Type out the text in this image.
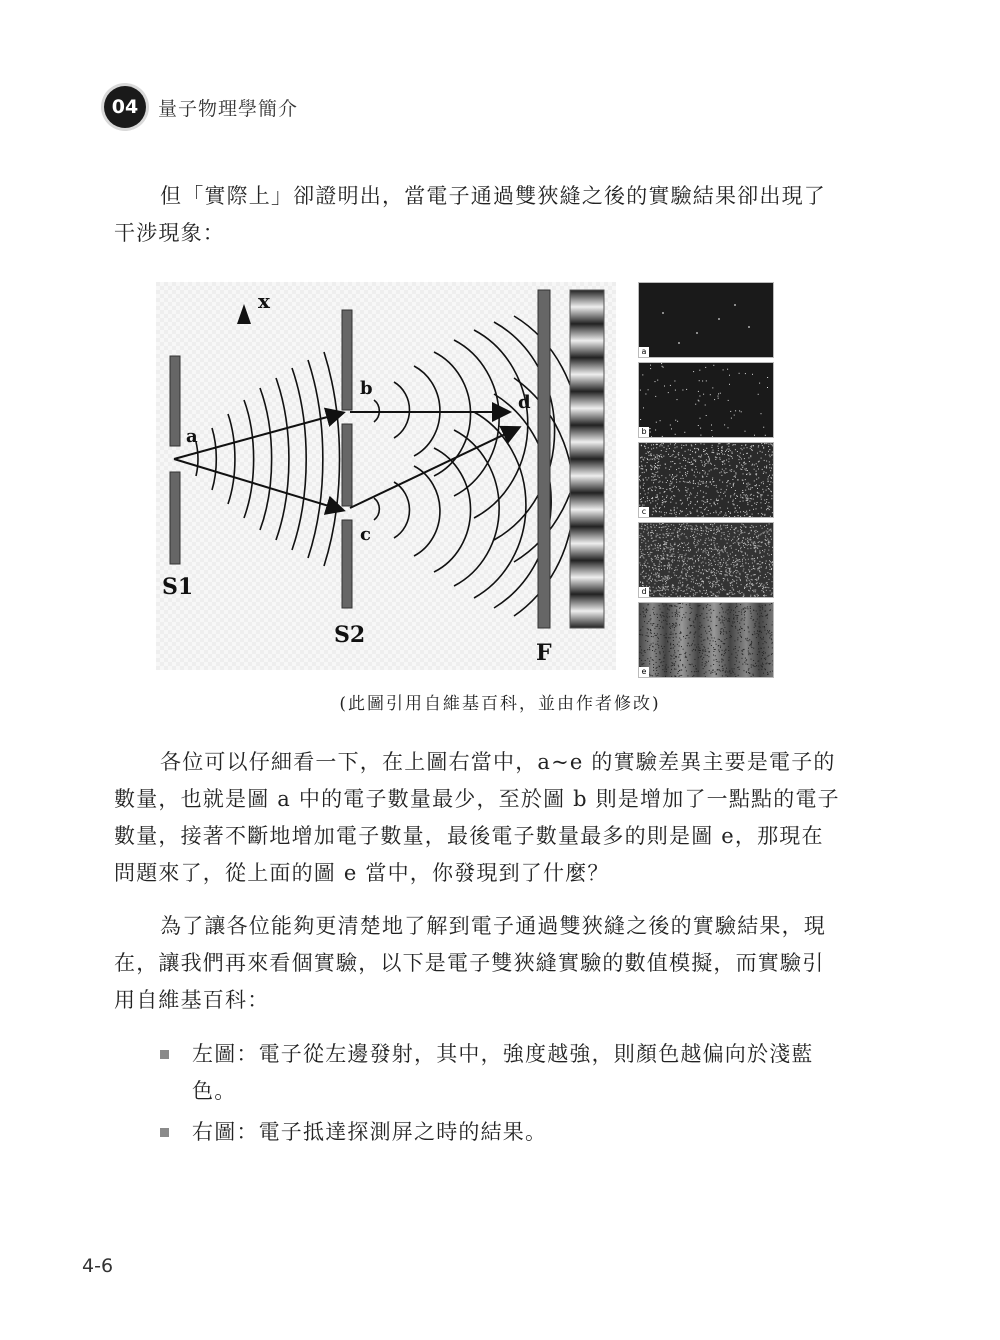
04	量子物理學簡介
但「實際上」卻證明出，當電子通過雙狹縫之後的實驗結果卻出現了
干涉現象：
x
a
S1
b
c
S2
d
F
a
b
c
d
e
(此圖引用自維基百科，並由作者修改)
各位可以仔細看一下，在上圖右當中，a~e 的實驗差異主要是電子的
數量，也就是圖 a 中的電子數量最少，至於圖 b 則是增加了一點點的電子
數量，接著不斷地增加電子數量，最後電子數量最多的則是圖 e，那現在
問題來了，從上面的圖 e 當中，你發現到了什麼？
為了讓各位能夠更清楚地了解到電子通過雙狹縫之後的實驗結果，現
在，讓我們再來看個實驗，以下是電子雙狹縫實驗的數值模擬，而實驗引
用自維基百科：
左圖：電子從左邊發射，其中，強度越強，則顏色越偏向於淺藍
色。
右圖：電子抵達探測屏之時的結果。
4-6
